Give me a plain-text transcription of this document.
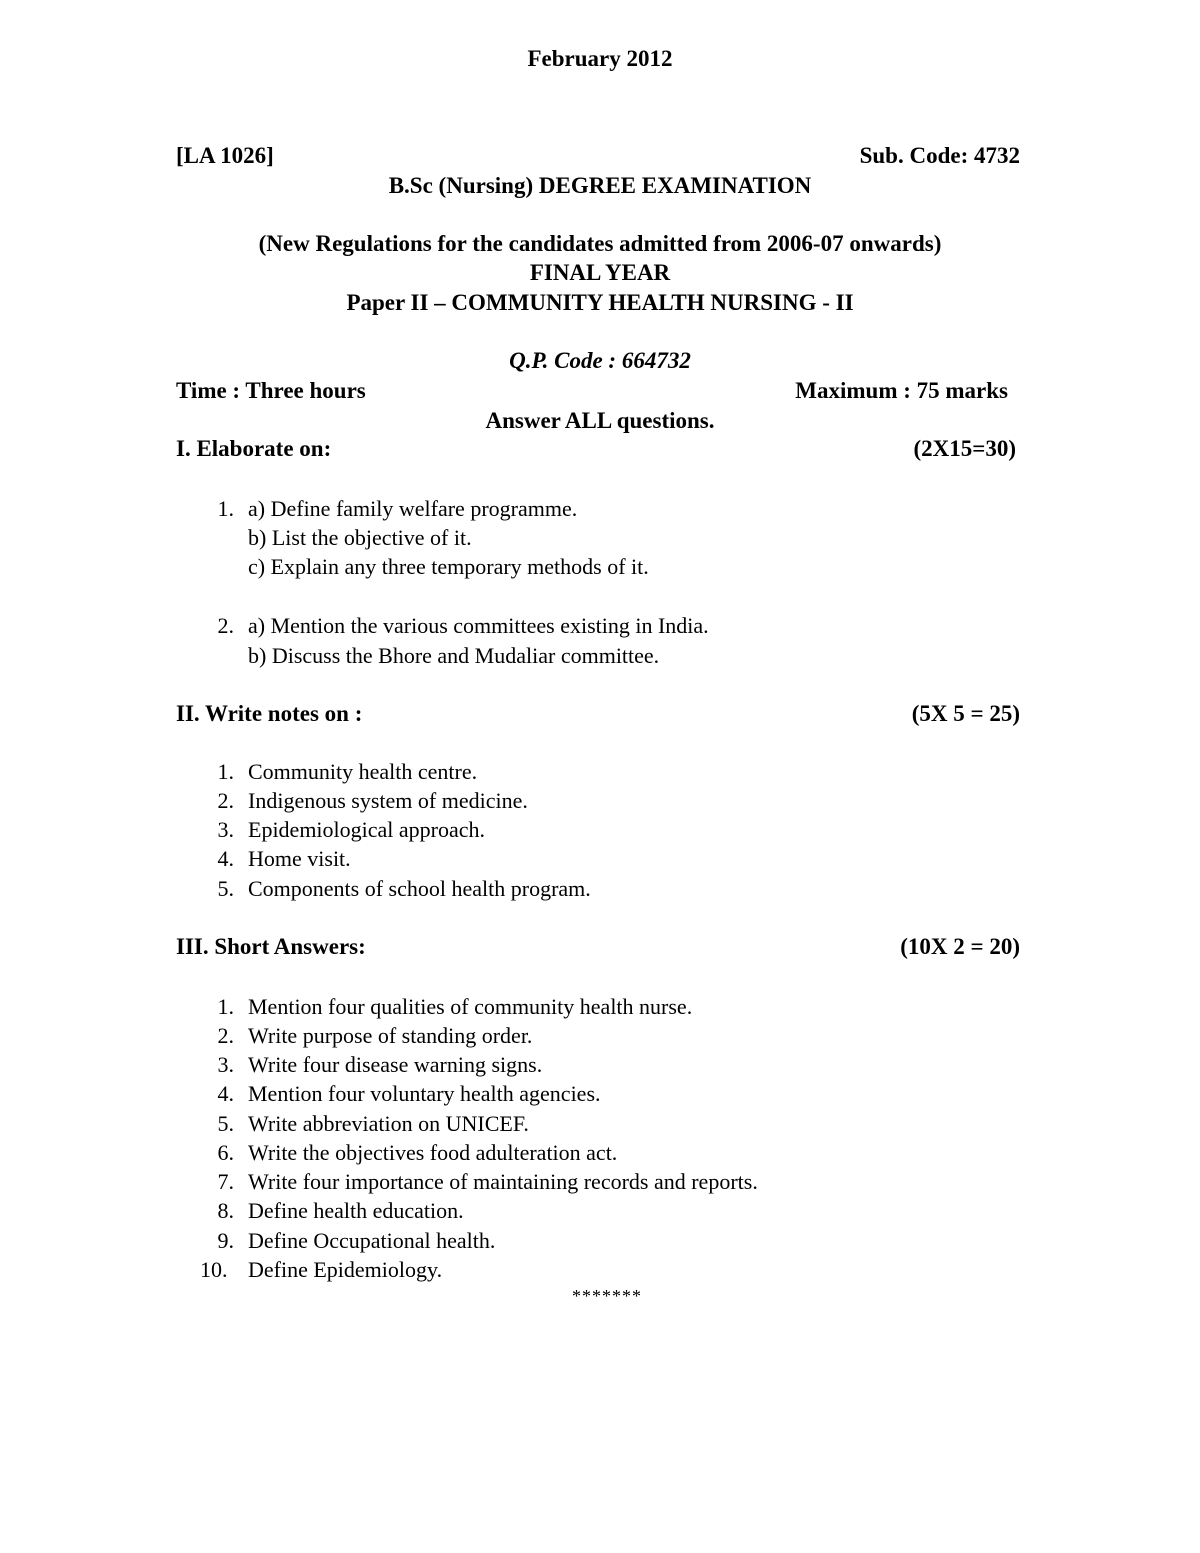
February 2012
[LA 1026]	Sub. Code: 4732
B.Sc (Nursing) DEGREE EXAMINATION
(New Regulations for the candidates admitted from 2006-07 onwards)
FINAL YEAR
Paper II – COMMUNITY HEALTH NURSING - II
Q.P. Code : 664732
Time : Three hours	Maximum : 75 marks
Answer ALL questions.
I. Elaborate on:	(2X15=30)
1. a) Define family welfare programme.
b) List the objective of it.
c) Explain any three temporary methods of it.
2. a) Mention the various committees existing in India.
b) Discuss the Bhore and Mudaliar committee.
II. Write notes on :	(5X 5 = 25)
1. Community health centre.
2. Indigenous system of medicine.
3. Epidemiological approach.
4. Home visit.
5. Components of school health program.
III. Short Answers:	(10X 2 = 20)
1. Mention four qualities of community health nurse.
2. Write purpose of standing order.
3. Write four disease warning signs.
4. Mention four voluntary health agencies.
5. Write abbreviation on UNICEF.
6. Write the objectives food adulteration act.
7. Write four importance of maintaining records and reports.
8. Define health education.
9. Define Occupational health.
10. Define Epidemiology.
*******
